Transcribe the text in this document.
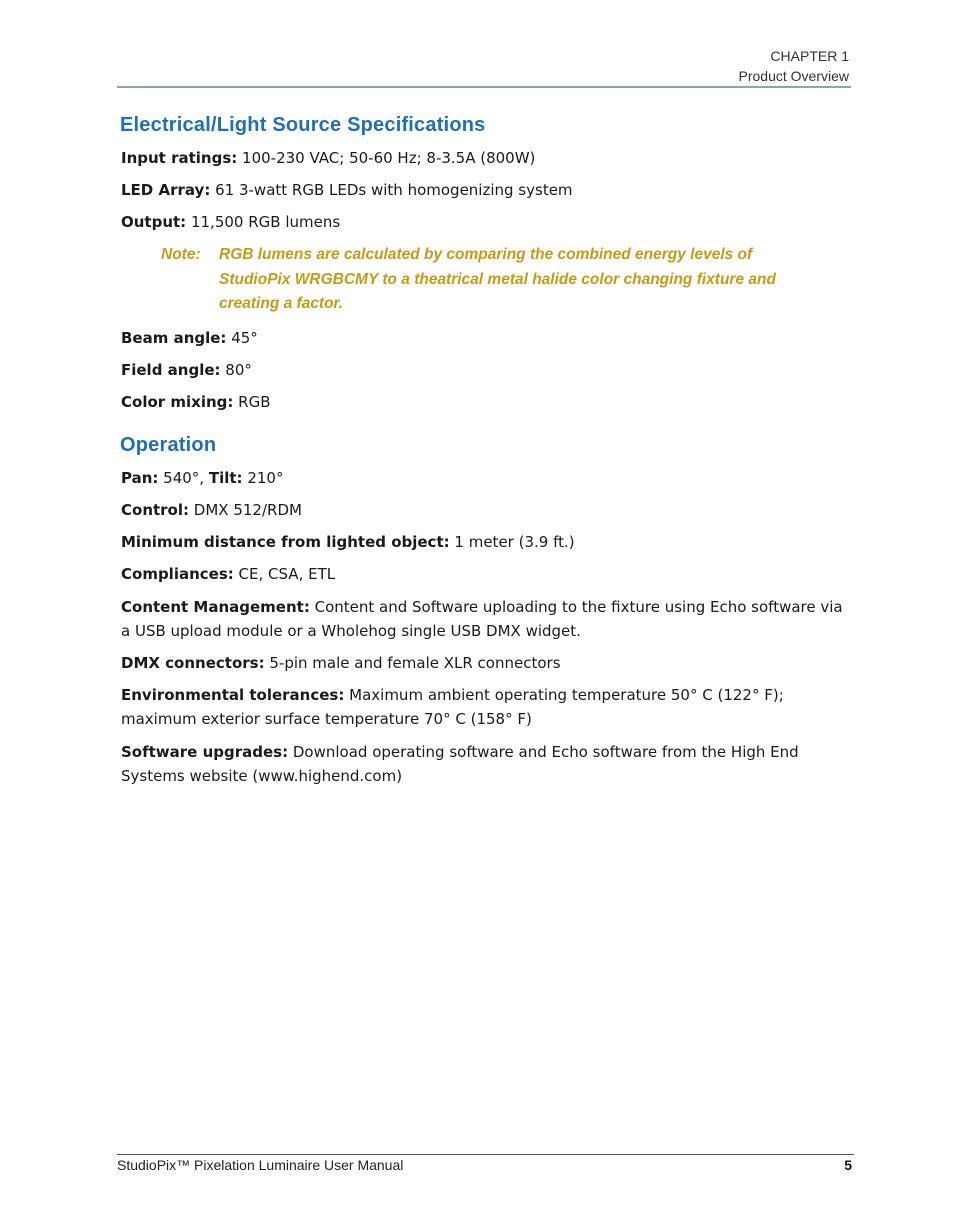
CHAPTER 1
Product Overview
Electrical/Light Source Specifications

Input ratings: 100-230 VAC; 50-60 Hz; 8-3.5A (800W)

LED Array: 61 3-watt RGB LEDs with homogenizing system

Output: 11,500 RGB lumens

Note: RGB lumens are calculated by comparing the combined energy levels of StudioPix WRGBCMY to a theatrical metal halide color changing fixture and creating a factor.

Beam angle: 45°

Field angle: 80°

Color mixing: RGB

Operation

Pan: 540°, Tilt: 210°

Control: DMX 512/RDM

Minimum distance from lighted object: 1 meter (3.9 ft.)

Compliances: CE, CSA, ETL

Content Management: Content and Software uploading to the fixture using Echo software via a USB upload module or a Wholehog single USB DMX widget.

DMX connectors: 5-pin male and female XLR connectors

Environmental tolerances: Maximum ambient operating temperature 50° C (122° F); maximum exterior surface temperature 70° C (158° F)

Software upgrades: Download operating software and Echo software from the High End Systems website (www.highend.com)

StudioPix™ Pixelation Luminaire User Manual	5
